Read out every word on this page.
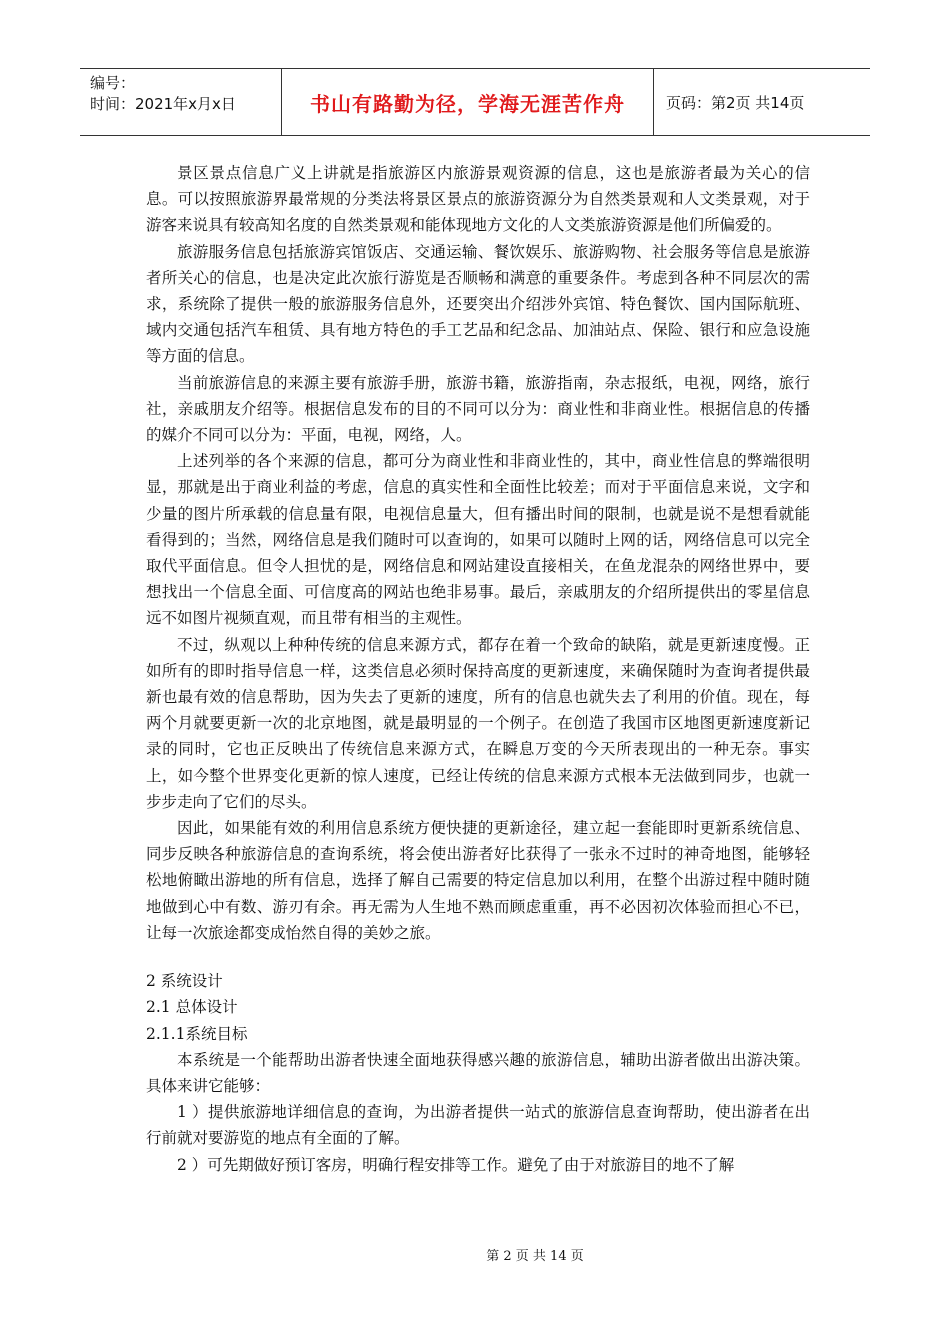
编号：
时间：2021年x月x日	书山有路勤为径，学海无涯苦作舟	页码：第2页 共14页

景区景点信息广义上讲就是指旅游区内旅游景观资源的信息，这也是旅游者最为关心的信息。可以按照旅游界最常规的分类法将景区景点的旅游资源分为自然类景观和人文类景观，对于游客来说具有较高知名度的自然类景观和能体现地方文化的人文类旅游资源是他们所偏爱的。

旅游服务信息包括旅游宾馆饭店、交通运输、餐饮娱乐、旅游购物、社会服务等信息是旅游者所关心的信息，也是决定此次旅行游览是否顺畅和满意的重要条件。考虑到各种不同层次的需求，系统除了提供一般的旅游服务信息外，还要突出介绍涉外宾馆、特色餐饮、国内国际航班、域内交通包括汽车租赁、具有地方特色的手工艺品和纪念品、加油站点、保险、银行和应急设施等方面的信息。

当前旅游信息的来源主要有旅游手册，旅游书籍，旅游指南，杂志报纸，电视，网络，旅行社，亲戚朋友介绍等。根据信息发布的目的不同可以分为：商业性和非商业性。根据信息的传播的媒介不同可以分为：平面，电视，网络，人。

上述列举的各个来源的信息，都可分为商业性和非商业性的，其中，商业性信息的弊端很明显，那就是出于商业利益的考虑，信息的真实性和全面性比较差；而对于平面信息来说，文字和少量的图片所承载的信息量有限，电视信息量大，但有播出时间的限制，也就是说不是想看就能看得到的；当然，网络信息是我们随时可以查询的，如果可以随时上网的话，网络信息可以完全取代平面信息。但令人担忧的是，网络信息和网站建设直接相关，在鱼龙混杂的网络世界中，要想找出一个信息全面、可信度高的网站也绝非易事。最后，亲戚朋友的介绍所提供出的零星信息远不如图片视频直观，而且带有相当的主观性。

不过，纵观以上种种传统的信息来源方式，都存在着一个致命的缺陷，就是更新速度慢。正如所有的即时指导信息一样，这类信息必须时保持高度的更新速度，来确保随时为查询者提供最新也最有效的信息帮助，因为失去了更新的速度，所有的信息也就失去了利用的价值。现在，每两个月就要更新一次的北京地图，就是最明显的一个例子。在创造了我国市区地图更新速度新记录的同时，它也正反映出了传统信息来源方式，在瞬息万变的今天所表现出的一种无奈。事实上，如今整个世界变化更新的惊人速度，已经让传统的信息来源方式根本无法做到同步，也就一步步走向了它们的尽头。

因此，如果能有效的利用信息系统方便快捷的更新途径，建立起一套能即时更新系统信息、同步反映各种旅游信息的查询系统，将会使出游者好比获得了一张永不过时的神奇地图，能够轻松地俯瞰出游地的所有信息，选择了解自己需要的特定信息加以利用，在整个出游过程中随时随地做到心中有数、游刃有余。再无需为人生地不熟而顾虑重重，再不必因初次体验而担心不已，让每一次旅途都变成怡然自得的美妙之旅。

2 系统设计

2.1 总体设计

2.1.1系统目标

本系统是一个能帮助出游者快速全面地获得感兴趣的旅游信息，辅助出游者做出出游决策。具体来讲它能够：

1 ）提供旅游地详细信息的查询，为出游者提供一站式的旅游信息查询帮助，使出游者在出行前就对要游览的地点有全面的了解。

2 ）可先期做好预订客房，明确行程安排等工作。避免了由于对旅游目的地不了解

第 2 页 共 14 页
